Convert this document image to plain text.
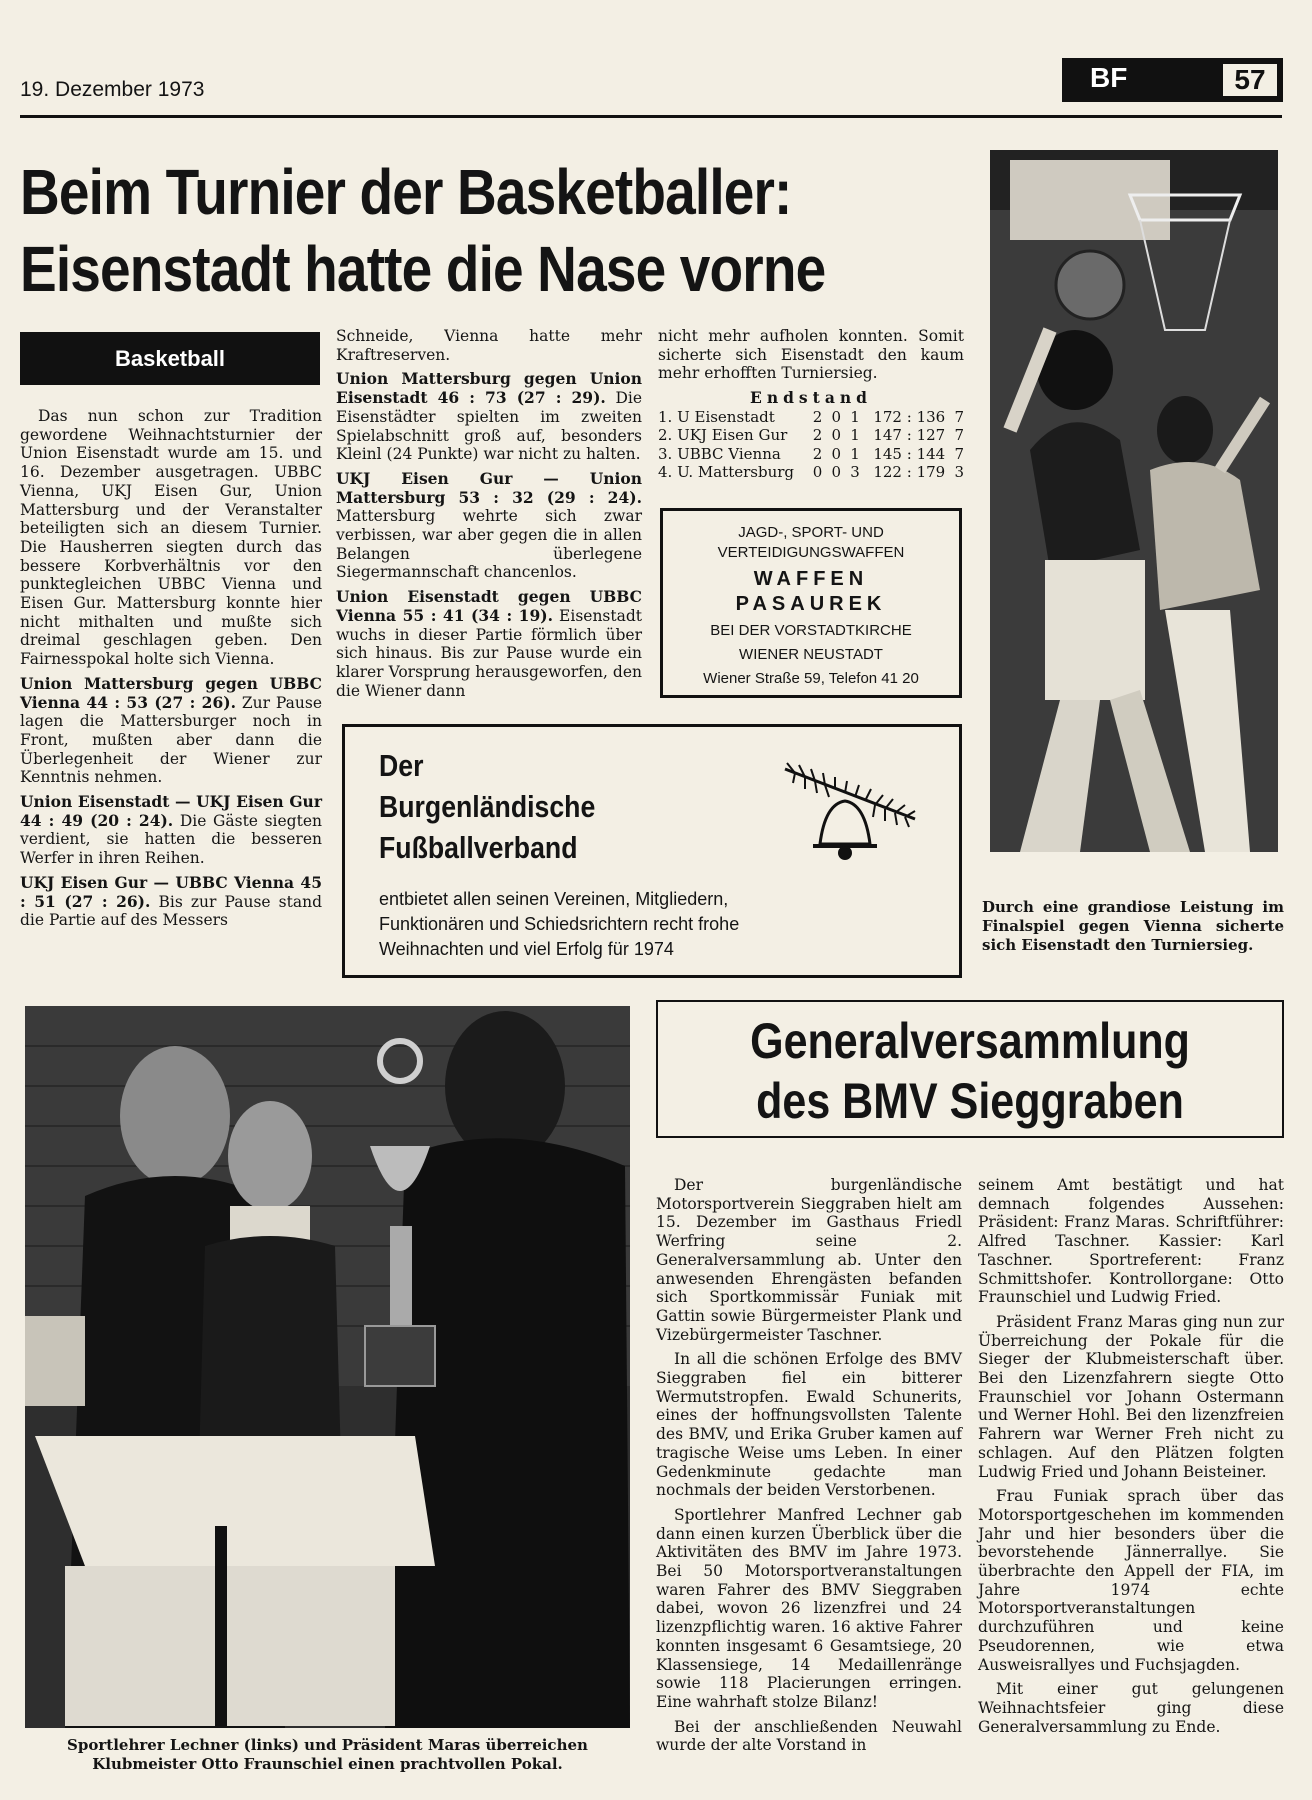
19. Dezember 1973	BF	57
Beim Turnier der Basketballer:
Eisenstadt hatte die Nase vorne
Basketball

Das nun schon zur Tradition gewordene Weihnachtsturnier der Union Eisenstadt wurde am 15. und 16. Dezember ausgetragen. UBBC Vienna, UKJ Eisen Gur, Union Mattersburg und der Veranstalter beteiligten sich an diesem Turnier. Die Hausherren siegten durch das bessere Korbverhältnis vor den punktegleichen UBBC Vienna und Eisen Gur. Mattersburg konnte hier nicht mithalten und mußte sich dreimal geschlagen geben. Den Fairnesspokal holte sich Vienna.

Union Mattersburg gegen UBBC Vienna 44 : 53 (27 : 26). Zur Pause lagen die Mattersburger noch in Front, mußten aber dann die Überlegenheit der Wiener zur Kenntnis nehmen.

Union Eisenstadt — UKJ Eisen Gur 44 : 49 (20 : 24). Die Gäste siegten verdient, sie hatten die besseren Werfer in ihren Reihen.

UKJ Eisen Gur — UBBC Vienna 45 : 51 (27 : 26). Bis zur Pause stand die Partie auf des Messers

Schneide, Vienna hatte mehr Kraftreserven.

Union Mattersburg gegen Union Eisenstadt 46 : 73 (27 : 29). Die Eisenstädter spielten im zweiten Spielabschnitt groß auf, besonders Kleinl (24 Punkte) war nicht zu halten.

UKJ Eisen Gur — Union Mattersburg 53 : 32 (29 : 24). Mattersburg wehrte sich zwar verbissen, war aber gegen die in allen Belangen überlegene Siegermannschaft chancenlos.

Union Eisenstadt gegen UBBC Vienna 55 : 41 (34 : 19). Eisenstadt wuchs in dieser Partie förmlich über sich hinaus. Bis zur Pause wurde ein klarer Vorsprung herausgeworfen, den die Wiener dann

nicht mehr aufholen konnten. Somit sicherte sich Eisenstadt den kaum mehr erhofften Turniersieg.

Endstand
1. U Eisenstadt	2	0	1	172 : 136	7
2. UKJ Eisen Gur	2	0	1	147 : 127	7
3. UBBC Vienna	2	0	1	145 : 144	7
4. U. Mattersburg	0	0	3	122 : 179	3
JAGD-, SPORT- UND
VERTEIDIGUNGSWAFFEN
WAFFEN
PASAUREK
BEI DER VORSTADTKIRCHE
WIENER NEUSTADT
Wiener Straße 59, Telefon 41 20
Der
Burgenländische
Fußballverband
entbietet allen seinen Vereinen, Mitgliedern,
Funktionären und Schiedsrichtern recht frohe
Weihnachten und viel Erfolg für 1974
Durch eine grandiose Leistung im Finalspiel gegen Vienna sicherte sich Eisenstadt den Turniersieg.
Sportlehrer Lechner (links) und Präsident Maras überreichen Klubmeister Otto Fraunschiel einen prachtvollen Pokal.
Generalversammlung
des BMV Sieggraben

Der burgenländische Motorsportverein Sieggraben hielt am 15. Dezember im Gasthaus Friedl Werfring seine 2. Generalversammlung ab. Unter den anwesenden Ehrengästen befanden sich Sportkommissär Funiak mit Gattin sowie Bürgermeister Plank und Vizebürgermeister Taschner.

In all die schönen Erfolge des BMV Sieggraben fiel ein bitterer Wermutstropfen. Ewald Schunerits, eines der hoffnungsvollsten Talente des BMV, und Erika Gruber kamen auf tragische Weise ums Leben. In einer Gedenkminute gedachte man nochmals der beiden Verstorbenen.

Sportlehrer Manfred Lechner gab dann einen kurzen Überblick über die Aktivitäten des BMV im Jahre 1973. Bei 50 Motorsportveranstaltungen waren Fahrer des BMV Sieggraben dabei, wovon 26 lizenzfrei und 24 lizenzpflichtig waren. 16 aktive Fahrer konnten insgesamt 6 Gesamtsiege, 20 Klassensiege, 14 Medaillenränge sowie 118 Placierungen erringen. Eine wahrhaft stolze Bilanz!

Bei der anschließenden Neuwahl wurde der alte Vorstand in

seinem Amt bestätigt und hat demnach folgendes Aussehen: Präsident: Franz Maras. Schriftführer: Alfred Taschner. Kassier: Karl Taschner. Sportreferent: Franz Schmittshofer. Kontrollorgane: Otto Fraunschiel und Ludwig Fried.

Präsident Franz Maras ging nun zur Überreichung der Pokale für die Sieger der Klubmeisterschaft über. Bei den Lizenzfahrern siegte Otto Fraunschiel vor Johann Ostermann und Werner Hohl. Bei den lizenzfreien Fahrern war Werner Freh nicht zu schlagen. Auf den Plätzen folgten Ludwig Fried und Johann Beisteiner.

Frau Funiak sprach über das Motorsportgeschehen im kommenden Jahr und hier besonders über die bevorstehende Jännerrallye. Sie überbrachte den Appell der FIA, im Jahre 1974 echte Motorsportveranstaltungen durchzuführen und keine Pseudorennen, wie etwa Ausweisrallyes und Fuchsjagden.

Mit einer gut gelungenen Weihnachtsfeier ging diese Generalversammlung zu Ende.
